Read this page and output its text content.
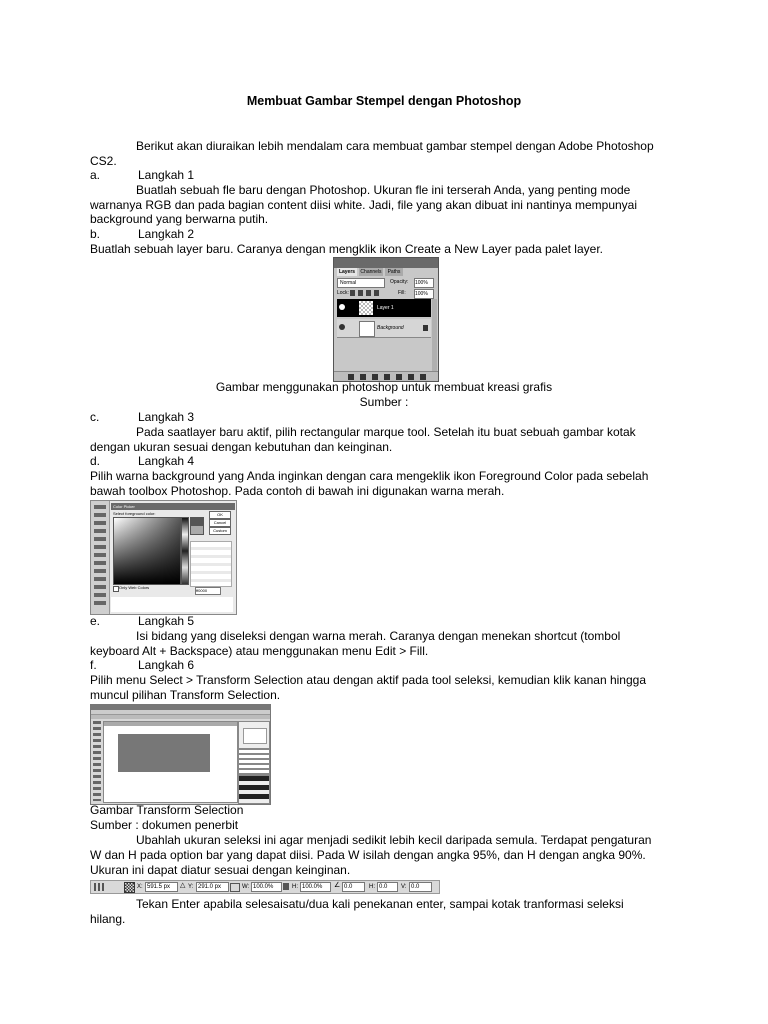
Membuat Gambar Stempel dengan Photoshop
Berikut akan diuraikan lebih mendalam cara membuat gambar stempel dengan Adobe Photoshop
CS2.
a.	Langkah 1
Buatlah sebuah fle baru dengan Photoshop. Ukuran fle ini terserah Anda, yang penting mode
warnanya RGB dan pada bagian content diisi white. Jadi, file yang akan dibuat ini nantinya mempunyai
background yang berwarna putih.
b.	Langkah 2
Buatlah sebuah layer baru. Caranya dengan mengklik ikon Create a New Layer pada palet layer.
Layers	Channels	Paths
Normal	Opacity: 100%
Lock:	Fill: 100%
Layer 1
Background
Gambar menggunakan photoshop untuk membuat kreasi grafis
Sumber :
c.	Langkah 3
Pada saatlayer baru aktif, pilih rectangular marque tool. Setelah itu buat sebuah gambar kotak
dengan ukuran sesuai dengan kebutuhan dan keinginan.
d.	Langkah 4
Pilih warna background yang Anda inginkan dengan cara mengeklik ikon Foreground Color pada sebelah
bawah toolbox Photoshop. Pada contoh di bawah ini digunakan warna merah.
Color Picker
Select foreground color:	OK
Cancel
Custom
Only Web Colors
ff0000
e.	Langkah 5
Isi bidang yang diseleksi dengan warna merah. Caranya dengan menekan shortcut (tombol
keyboard Alt + Backspace) atau menggunakan menu Edit > Fill.
f.	Langkah 6
Pilih menu Select > Transform Selection atau dengan aktif pada tool seleksi, kemudian klik kanan hingga
muncul pilihan Transform Selection.
Gambar Transform Selection
Sumber : dokumen penerbit
Ubahlah ukuran seleksi ini agar menjadi sedikit lebih kecil daripada semula. Terdapat pengaturan
W dan H pada option bar yang dapat diisi. Pada W isilah dengan angka 95%, dan H dengan angka 90%.
Ukuran ini dapat diatur sesuai dengan keinginan.
X: 591.5 px	△ Y: 291.0 px	W: 100.0%	H: 100.0%	∠ 0.0	H: 0.0	V: 0.0
Tekan Enter apabila selesaisatu/dua kali penekanan enter, sampai kotak tranformasi seleksi
hilang.
